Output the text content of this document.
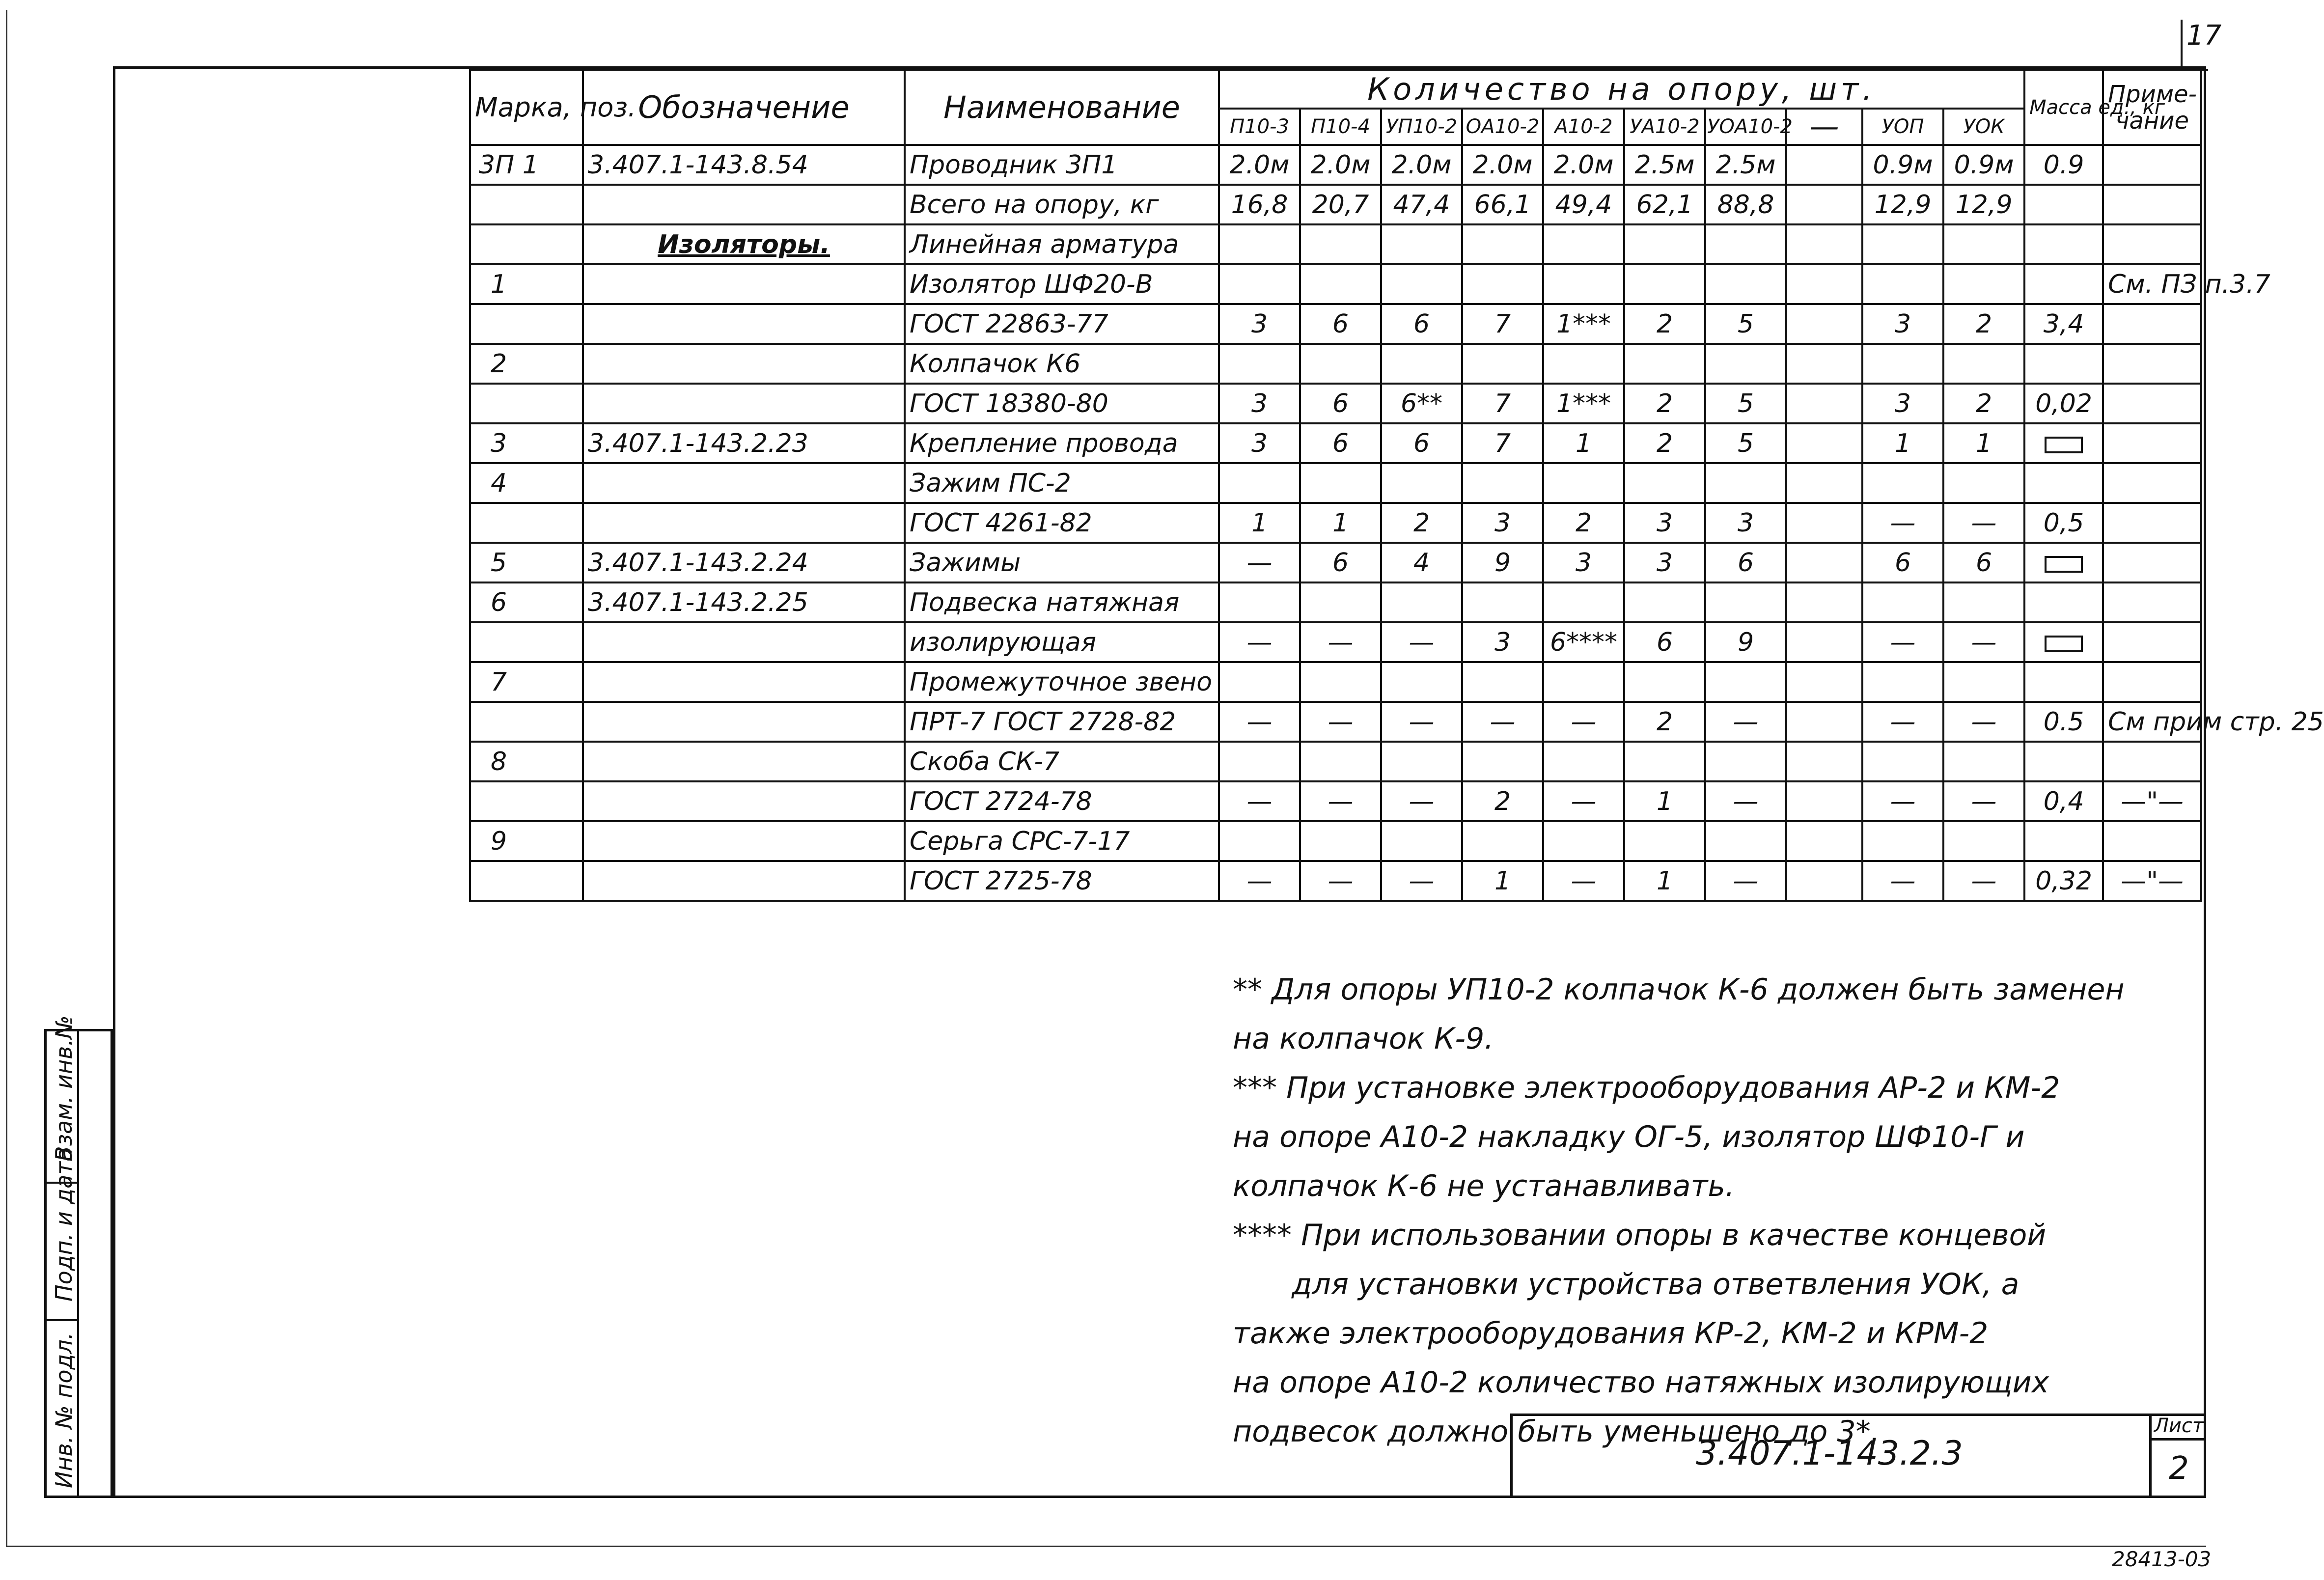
17
Марка, поз.	Обозначение	Наименование	Количество на опору, шт.										Масса ед., кг	Приме- чание
			П10-3	П10-4	УП10-2	ОА10-2	А10-2	УА10-2	УОА10-2	—	УОП	УОК		
3П 1	3.407.1-143.8.54	Проводник 3П1	2.0м	2.0м	2.0м	2.0м	2.0м	2.5м	2.5м		0.9м	0.9м	0.9	
		Всего на опору, кг	16,8	20,7	47,4	66,1	49,4	62,1	88,8		12,9	12,9		
	Изоляторы.	Линейная арматура												
1		Изолятор ШФ20-В												См. ПЗ п.3.7
		ГОСТ 22863-77	3	6	6	7	1***	2	5		3	2	3,4	
2		Колпачок К6												
		ГОСТ 18380-80	3	6	6**	7	1***	2	5		3	2	0,02	
3	3.407.1-143.2.23	Крепление провода	3	6	6	7	1	2	5		1	1		
4		Зажим ПС-2												
		ГОСТ 4261-82	1	1	2	3	2	3	3		—	—	0,5	
5	3.407.1-143.2.24	Зажимы	—	6	4	9	3	3	6		6	6		
6	3.407.1-143.2.25	Подвеска натяжная												
		изолирующая	—	—	—	3	6****	6	9		—	—		
7		Промежуточное звено												
		ПРТ-7 ГОСТ 2728-82	—	—	—	—	—	2	—		—	—	0.5	См прим стр. 25
8		Скоба СК-7												
		ГОСТ 2724-78	—	—	—	2	—	1	—		—	—	0,4	—"—
9		Серьга СРС-7-17												
		ГОСТ 2725-78	—	—	—	1	—	1	—		—	—	0,32	—"—

** Для опоры УП10-2 колпачок К-6 должен быть заменен

на колпачок К-9.

*** При установке электрооборудования АР-2 и КМ-2

на опоре А10-2 накладку ОГ-5, изолятор ШФ10-Г и

колпачок К-6 не устанавливать.

**** При использовании опоры в качестве концевой

для установки устройства ответвления УОК, а

также электрооборудования КР-2, КМ-2 и КРМ-2

на опоре А10-2 количество натяжных изолирующих

подвесок должно быть уменьшено до 3*.

3.407.1-143.2.3
Лист
2
Взам. инв.№
Подп. и дата
Инв. № подл.
28413-03
